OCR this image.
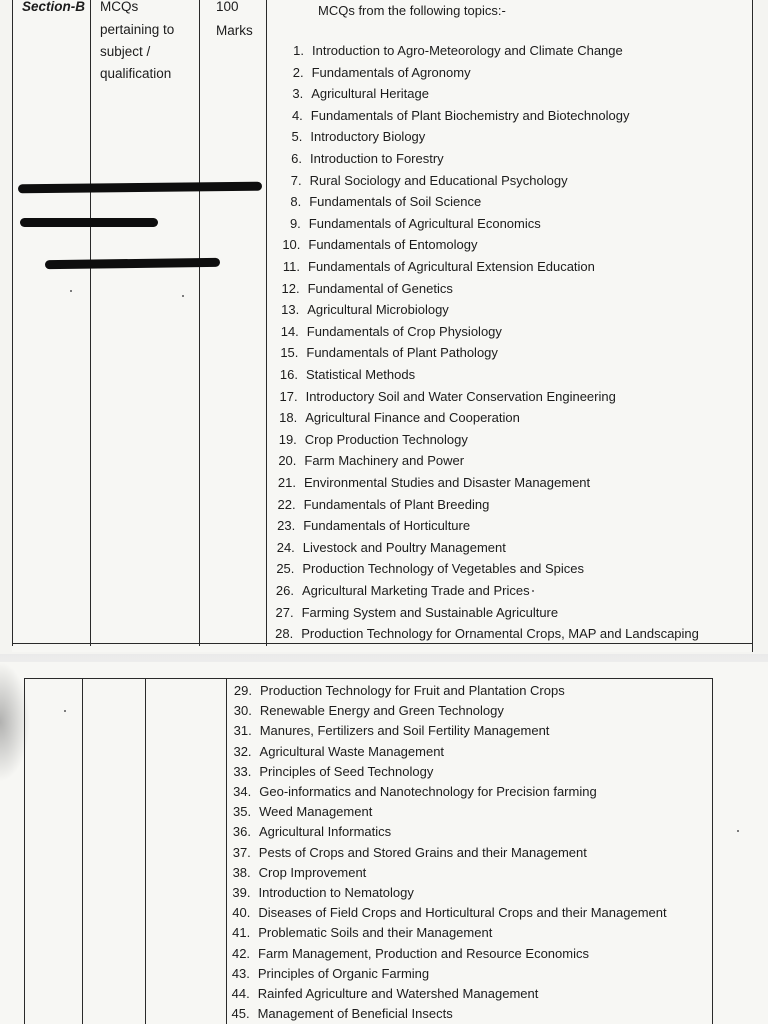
Section-B MCQs
pertaining to
subject /
qualification
100
Marks
MCQs from the following topics:-
1. Introduction to Agro-Meteorology and Climate Change
2. Fundamentals of Agronomy
3. Agricultural Heritage
4. Fundamentals of Plant Biochemistry and Biotechnology
5. Introductory Biology
6. Introduction to Forestry
7. Rural Sociology and Educational Psychology
8. Fundamentals of Soil Science
9. Fundamentals of Agricultural Economics
10. Fundamentals of Entomology
11. Fundamentals of Agricultural Extension Education
12. Fundamental of Genetics
13. Agricultural Microbiology
14. Fundamentals of Crop Physiology
15. Fundamentals of Plant Pathology
16. Statistical Methods
17. Introductory Soil and Water Conservation Engineering
18. Agricultural Finance and Cooperation
19. Crop Production Technology
20. Farm Machinery and Power
21. Environmental Studies and Disaster Management
22. Fundamentals of Plant Breeding
23. Fundamentals of Horticulture
24. Livestock and Poultry Management
25. Production Technology of Vegetables and Spices
26. Agricultural Marketing Trade and Prices
27. Farming System and Sustainable Agriculture
28. Production Technology for Ornamental Crops, MAP and Landscaping
29. Production Technology for Fruit and Plantation Crops
30. Renewable Energy and Green Technology
31. Manures, Fertilizers and Soil Fertility Management
32. Agricultural Waste Management
33. Principles of Seed Technology
34. Geo-informatics and Nanotechnology for Precision farming
35. Weed Management
36. Agricultural Informatics
37. Pests of Crops and Stored Grains and their Management
38. Crop Improvement
39. Introduction to Nematology
40. Diseases of Field Crops and Horticultural Crops and their Management
41. Problematic Soils and their Management
42. Farm Management, Production and Resource Economics
43. Principles of Organic Farming
44. Rainfed Agriculture and Watershed Management
45. Management of Beneficial Insects
